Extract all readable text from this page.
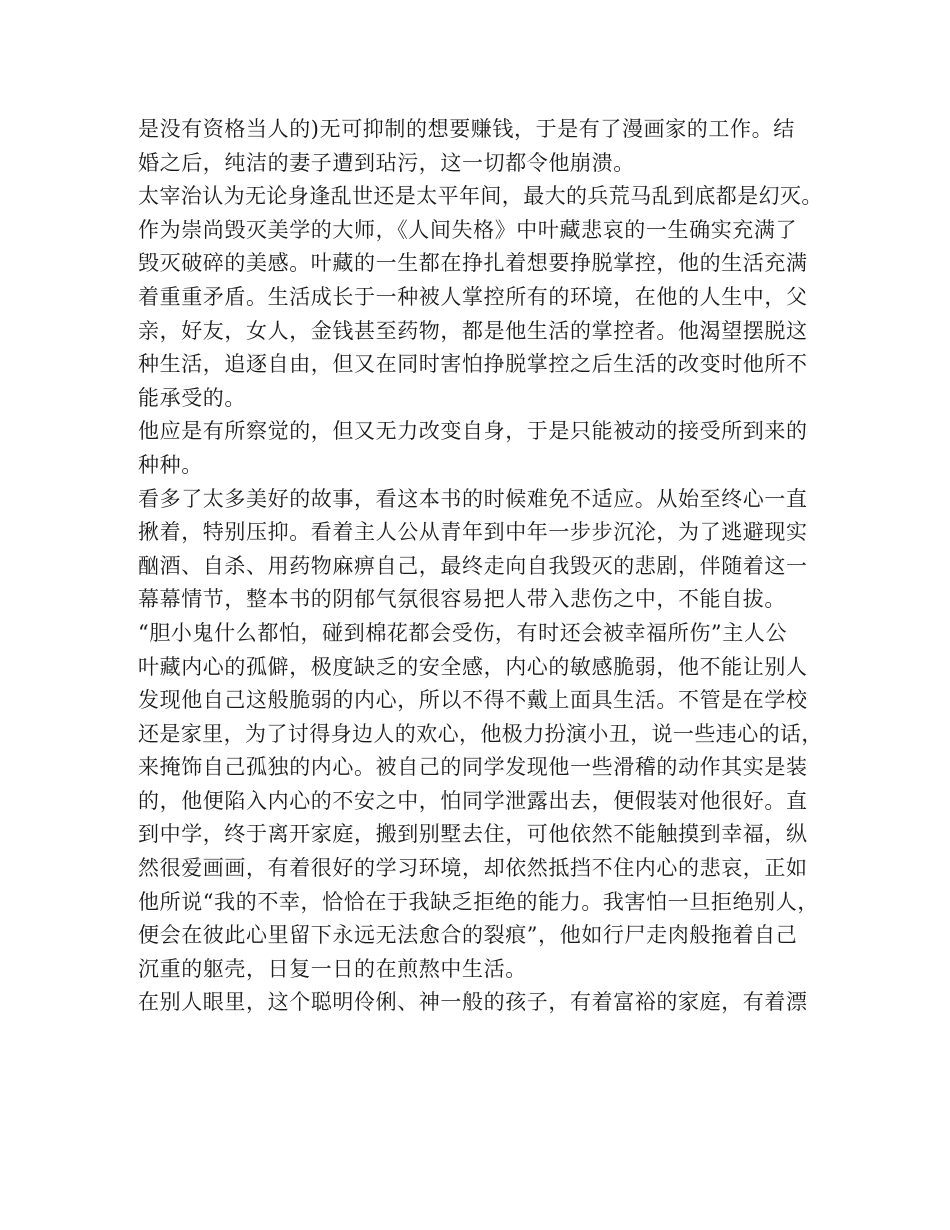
是没有资格当人的)无可抑制的想要赚钱，于是有了漫画家的工作。结
婚之后，纯洁的妻子遭到玷污，这一切都令他崩溃。
太宰治认为无论身逢乱世还是太平年间，最大的兵荒马乱到底都是幻灭。
作为崇尚毁灭美学的大师，《人间失格》中叶藏悲哀的一生确实充满了
毁灭破碎的美感。叶藏的一生都在挣扎着想要挣脱掌控，他的生活充满
着重重矛盾。生活成长于一种被人掌控所有的环境，在他的人生中，父
亲，好友，女人，金钱甚至药物，都是他生活的掌控者。他渴望摆脱这
种生活，追逐自由，但又在同时害怕挣脱掌控之后生活的改变时他所不
能承受的。
他应是有所察觉的，但又无力改变自身，于是只能被动的接受所到来的
种种。
看多了太多美好的故事，看这本书的时候难免不适应。从始至终心一直
揪着，特别压抑。看着主人公从青年到中年一步步沉沦，为了逃避现实
酗酒、自杀、用药物麻痹自己，最终走向自我毁灭的悲剧，伴随着这一
幕幕情节，整本书的阴郁气氛很容易把人带入悲伤之中，不能自拔。
“胆小鬼什么都怕，碰到棉花都会受伤，有时还会被幸福所伤”主人公
叶藏内心的孤僻，极度缺乏的安全感，内心的敏感脆弱，他不能让别人
发现他自己这般脆弱的内心，所以不得不戴上面具生活。不管是在学校
还是家里，为了讨得身边人的欢心，他极力扮演小丑，说一些违心的话，
来掩饰自己孤独的内心。被自己的同学发现他一些滑稽的动作其实是装
的，他便陷入内心的不安之中，怕同学泄露出去，便假装对他很好。直
到中学，终于离开家庭，搬到别墅去住，可他依然不能触摸到幸福，纵
然很爱画画，有着很好的学习环境，却依然抵挡不住内心的悲哀，正如
他所说“我的不幸，恰恰在于我缺乏拒绝的能力。我害怕一旦拒绝别人，
便会在彼此心里留下永远无法愈合的裂痕”，他如行尸走肉般拖着自己
沉重的躯壳，日复一日的在煎熬中生活。
在别人眼里，这个聪明伶俐、神一般的孩子，有着富裕的家庭，有着漂
